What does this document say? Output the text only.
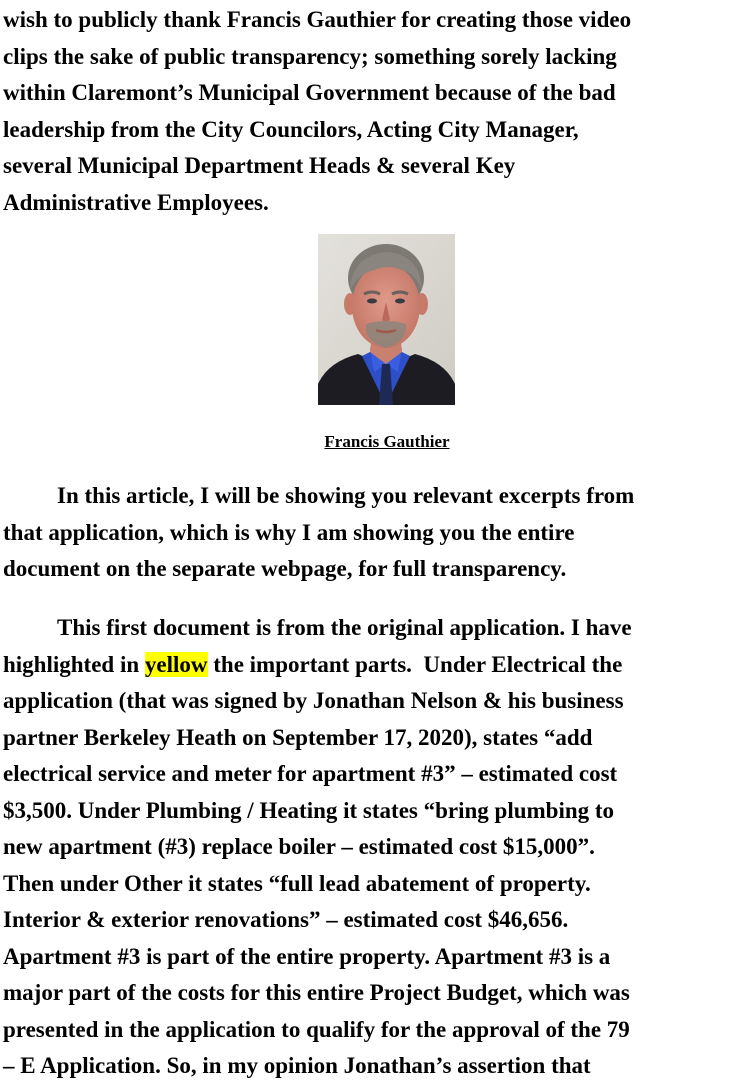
wish to publicly thank Francis Gauthier for creating those video
clips the sake of public transparency; something sorely lacking
within Claremont’s Municipal Government because of the bad
leadership from the City Councilors, Acting City Manager,
several Municipal Department Heads & several Key
Administrative Employees.
Francis Gauthier
In this article, I will be showing you relevant excerpts from
that application, which is why I am showing you the entire
document on the separate webpage, for full transparency.
This first document is from the original application. I have
highlighted in yellow the important parts.  Under Electrical the
application (that was signed by Jonathan Nelson & his business
partner Berkeley Heath on September 17, 2020), states “add
electrical service and meter for apartment #3” – estimated cost
$3,500. Under Plumbing / Heating it states “bring plumbing to
new apartment (#3) replace boiler – estimated cost $15,000”.
Then under Other it states “full lead abatement of property.
Interior & exterior renovations” – estimated cost $46,656.
Apartment #3 is part of the entire property. Apartment #3 is a
major part of the costs for this entire Project Budget, which was
presented in the application to qualify for the approval of the 79
– E Application. So, in my opinion Jonathan’s assertion that
